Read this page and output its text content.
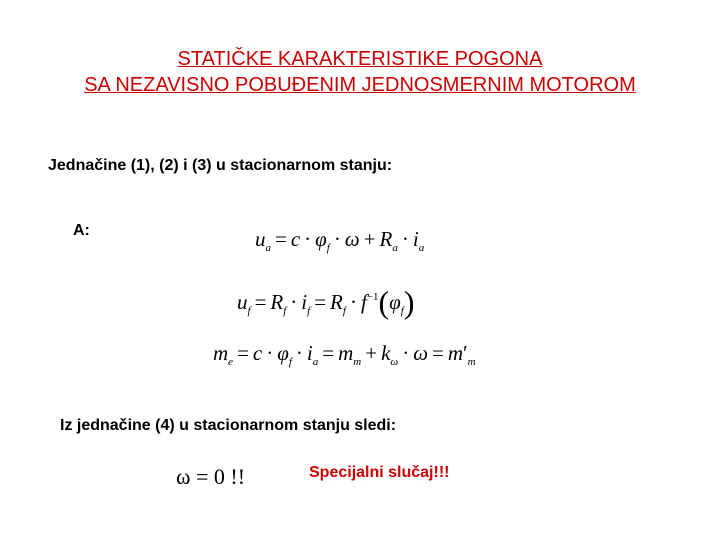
STATIČKE KARAKTERISTIKE POGONA
SA NEZAVISNO POBUĐENIM JEDNOSMERNIM MOTOROM
Jednačine (1), (2) i (3) u stacionarnom stanju:
A:	$u_a = c \cdot \varphi_f \cdot \omega + R_a \cdot i_a$
$u_f = R_f \cdot i_f = R_f \cdot f^{-1}(\varphi_f)$
$m_e = c \cdot \varphi_f \cdot i_a = m_m + k_\omega \cdot \omega = m'_m$
Iz jednačine (4) u stacionarnom stanju sledi:
ω = 0 !!	Specijalni slučaj!!!
